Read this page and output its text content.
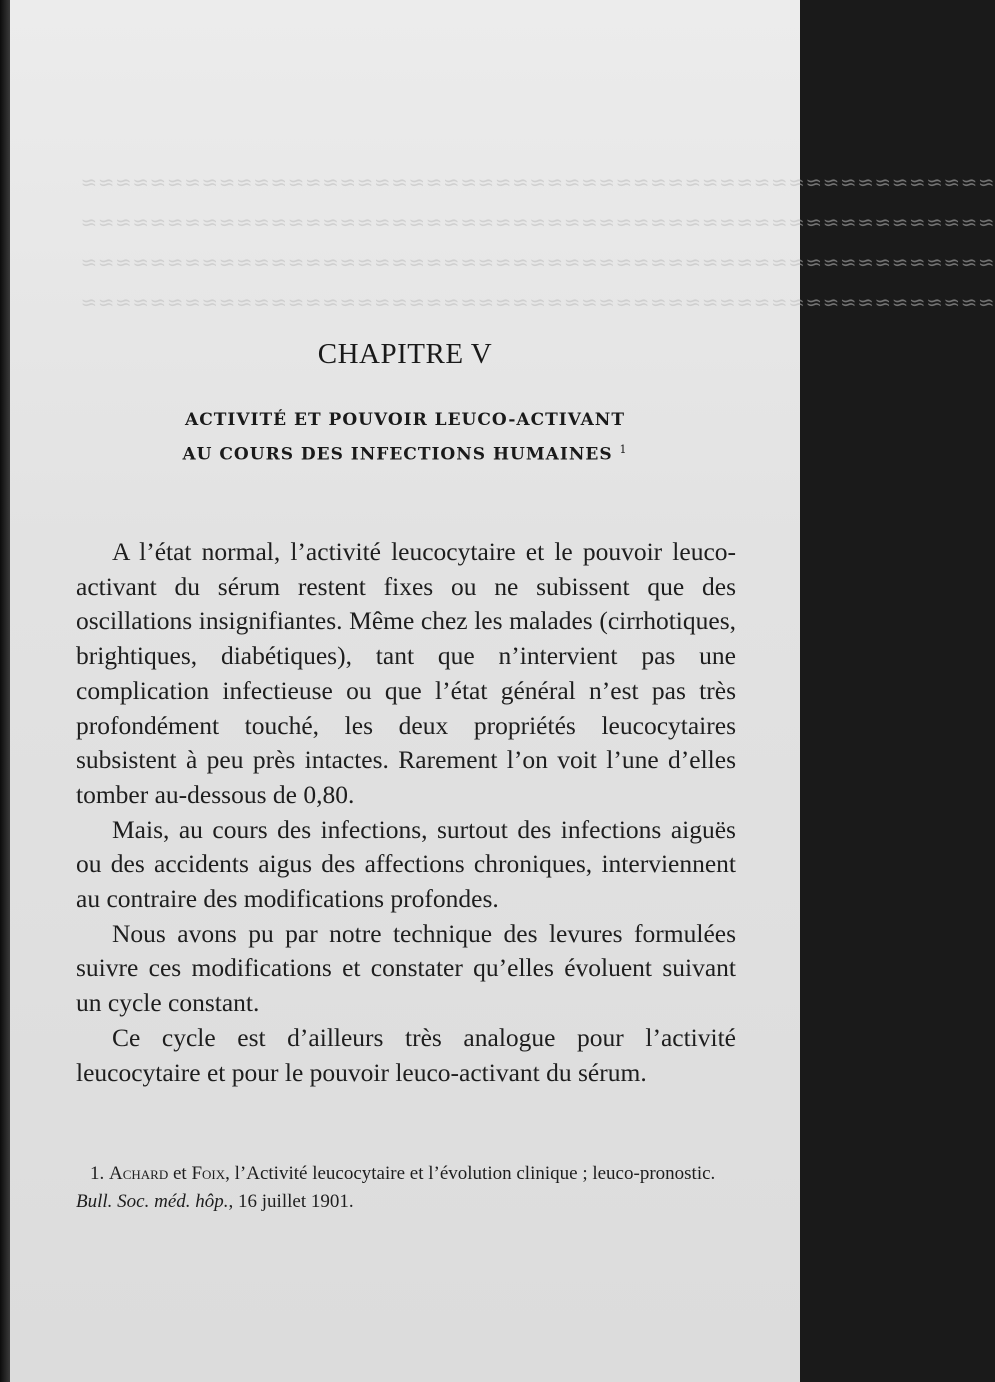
≈≈≈≈≈≈≈≈≈≈≈≈≈≈≈≈≈≈≈≈≈≈≈≈≈≈≈≈≈≈≈≈≈≈≈≈≈≈≈≈≈≈≈≈≈≈≈≈≈≈≈≈≈
≈≈≈≈≈≈≈≈≈≈≈≈≈≈≈≈≈≈≈≈≈≈≈≈≈≈≈≈≈≈≈≈≈≈≈≈≈≈≈≈≈≈≈≈≈≈≈≈≈≈≈≈≈
≈≈≈≈≈≈≈≈≈≈≈≈≈≈≈≈≈≈≈≈≈≈≈≈≈≈≈≈≈≈≈≈≈≈≈≈≈≈≈≈≈≈≈≈≈≈≈≈≈≈≈≈≈
≈≈≈≈≈≈≈≈≈≈≈≈≈≈≈≈≈≈≈≈≈≈≈≈≈≈≈≈≈≈≈≈≈≈≈≈≈≈≈≈≈≈≈≈≈≈≈≈≈≈≈≈≈
CHAPITRE V
ACTIVITÉ ET POUVOIR LEUCO-ACTIVANT
AU COURS DES INFECTIONS HUMAINES $^1$

A l’état normal, l’activité leucocytaire et le pouvoir leuco-activant du sérum restent fixes ou ne subissent que des oscillations insignifiantes. Même chez les malades (cirrhotiques, brightiques, diabétiques), tant que n’intervient pas une complication infectieuse ou que l’état général n’est pas très profondément touché, les deux propriétés leucocytaires subsistent à peu près intactes. Rarement l’on voit l’une d’elles tomber au-dessous de 0,80.

Mais, au cours des infections, surtout des infections aiguës ou des accidents aigus des affections chroniques, interviennent au contraire des modifications profondes.

Nous avons pu par notre technique des levures formulées suivre ces modifications et constater qu’elles évoluent suivant un cycle constant.

Ce cycle est d’ailleurs très analogue pour l’activité leucocytaire et pour le pouvoir leuco-activant du sérum.

1. Achard et Foix, l’Activité leucocytaire et l’évolution clinique ; leuco-pronostic. Bull. Soc. méd. hôp., 16 juillet 1901.
